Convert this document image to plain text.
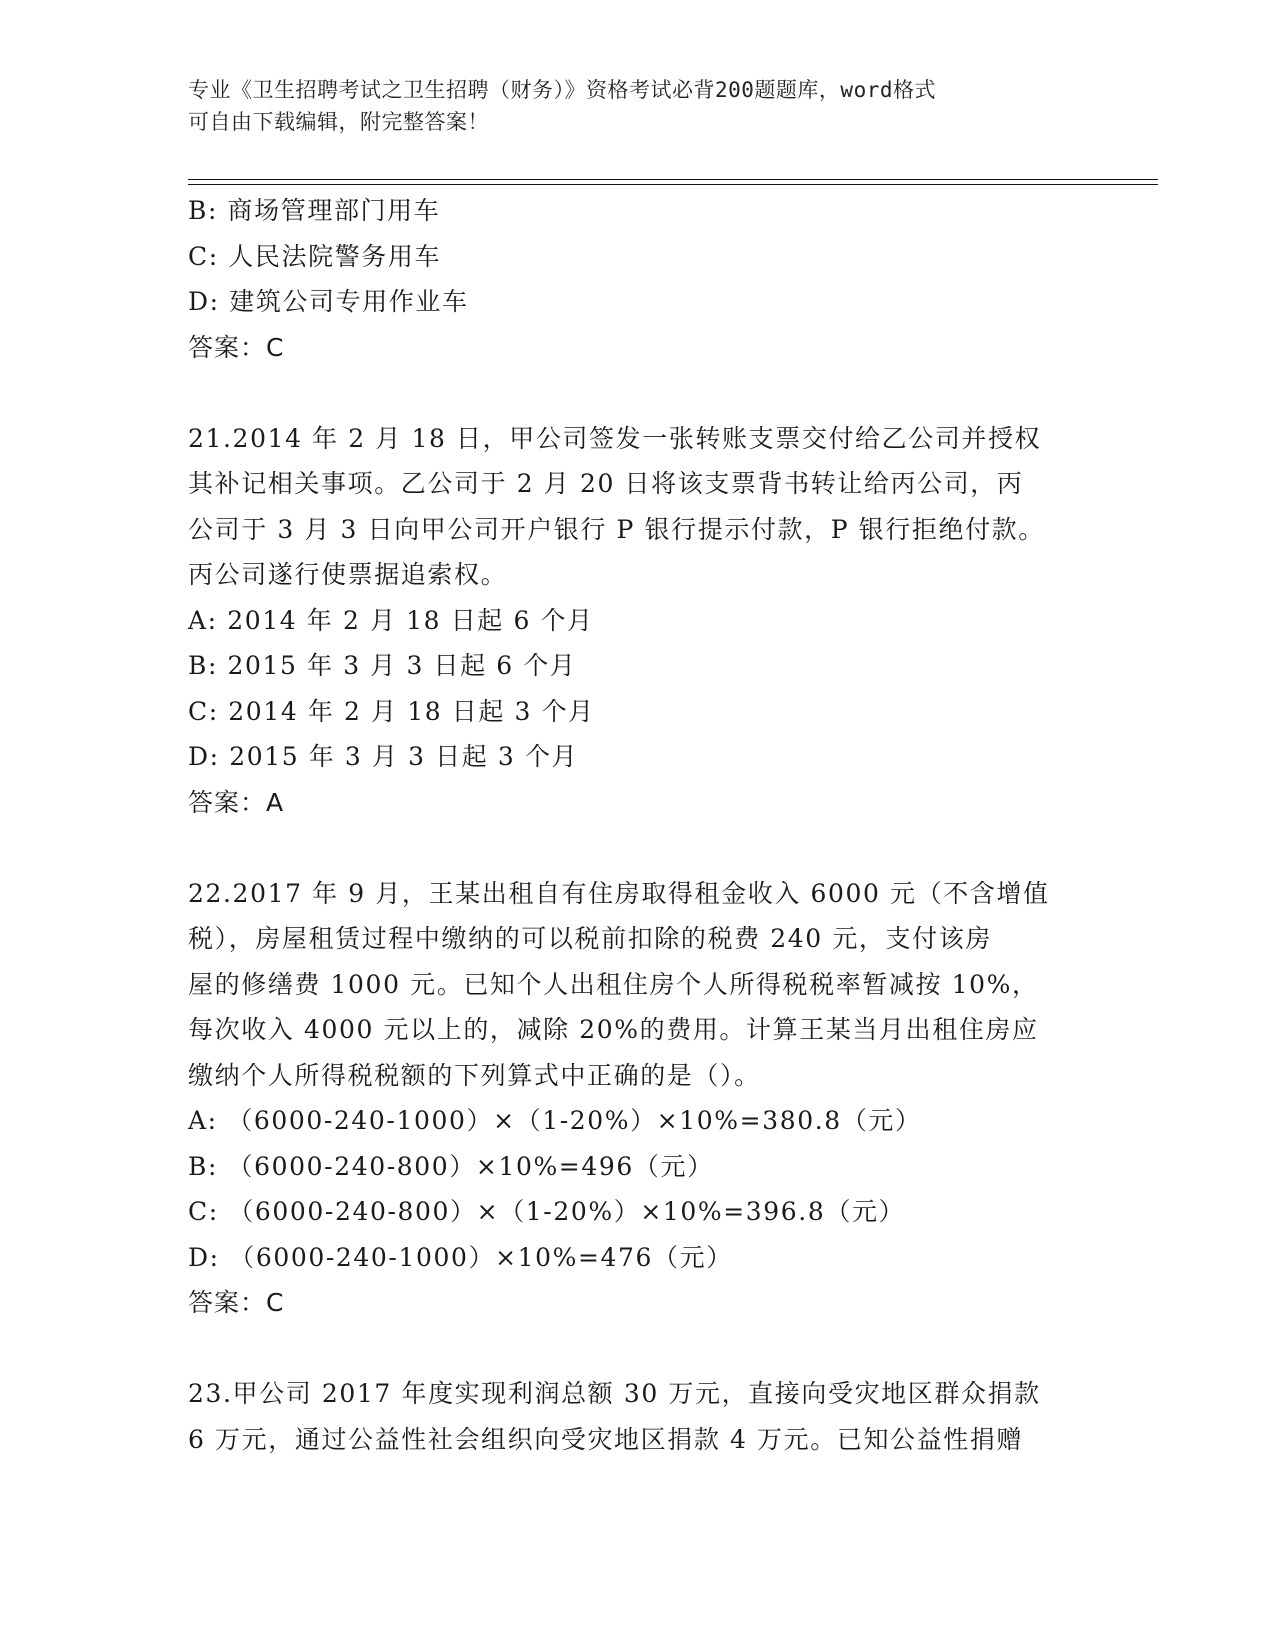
专业《卫生招聘考试之卫生招聘（财务）》资格考试必背200题题库，word格式
可自由下载编辑，附完整答案！
B: 商场管理部门用车
C: 人民法院警务用车
D: 建筑公司专用作业车
答案：C
21.2014 年 2 月 18 日，甲公司签发一张转账支票交付给乙公司并授权
其补记相关事项。乙公司于 2 月 20 日将该支票背书转让给丙公司，丙
公司于 3 月 3 日向甲公司开户银行 P 银行提示付款，P 银行拒绝付款。
丙公司遂行使票据追索权。
A: 2014 年 2 月 18 日起 6 个月
B: 2015 年 3 月 3 日起 6 个月
C: 2014 年 2 月 18 日起 3 个月
D: 2015 年 3 月 3 日起 3 个月
答案：A
22.2017 年 9 月，王某出租自有住房取得租金收入 6000 元（不含增值
税），房屋租赁过程中缴纳的可以税前扣除的税费 240 元，支付该房
屋的修缮费 1000 元。已知个人出租住房个人所得税税率暂减按 10%，
每次收入 4000 元以上的，减除 20%的费用。计算王某当月出租住房应
缴纳个人所得税税额的下列算式中正确的是（）。
A: （6000-240-1000）×（1-20%）×10%=380.8（元）
B: （6000-240-800）×10%=496（元）
C: （6000-240-800）×（1-20%）×10%=396.8（元）
D: （6000-240-1000）×10%=476（元）
答案：C
23.甲公司 2017 年度实现利润总额 30 万元，直接向受灾地区群众捐款
6 万元，通过公益性社会组织向受灾地区捐款 4 万元。已知公益性捐赠
